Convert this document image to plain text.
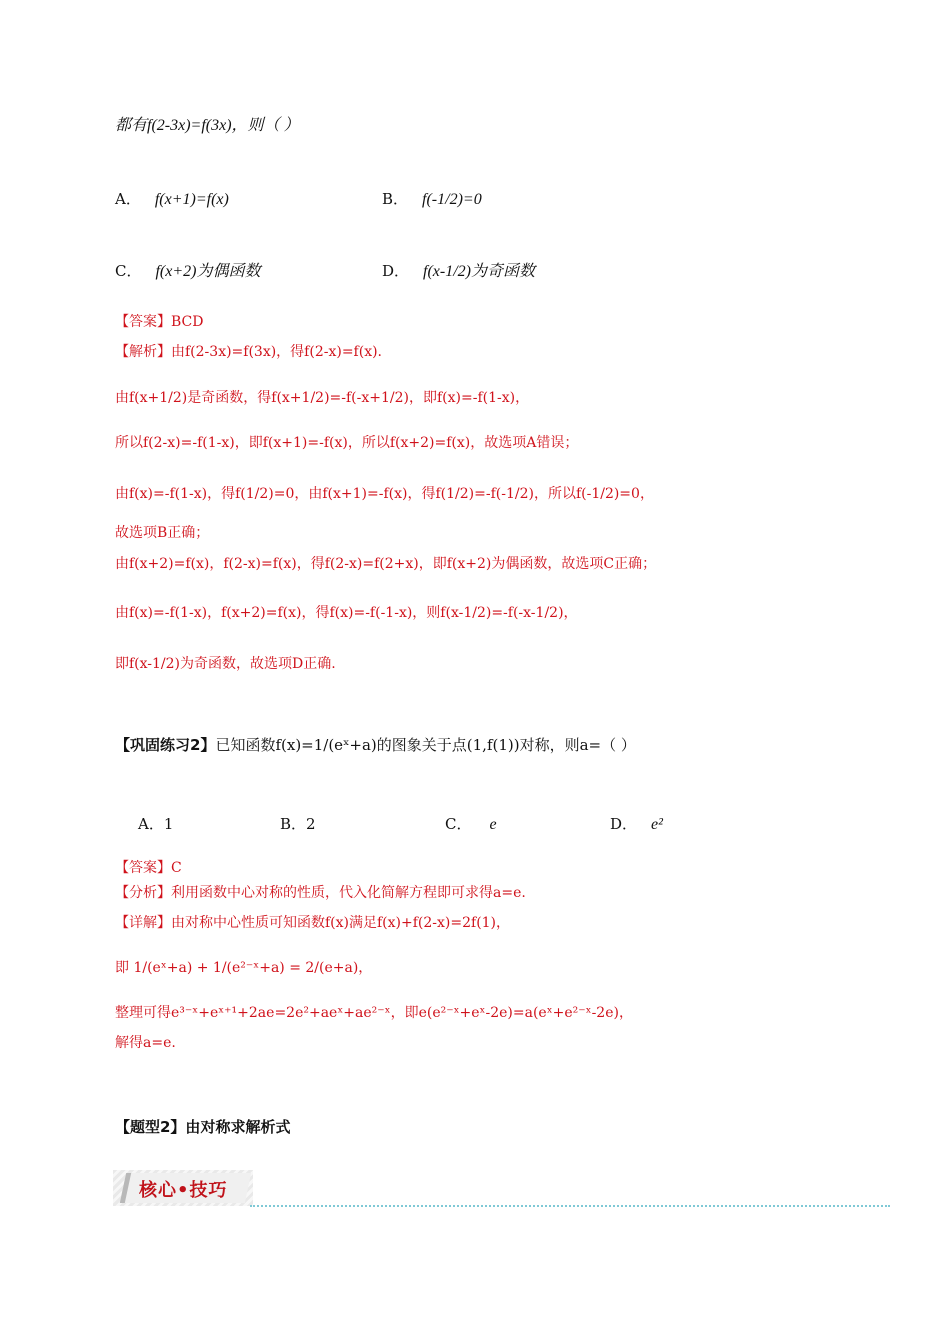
都有f(2-3x)=f(3x)，则（ ）
A． f(x+1)=f(x)	B． f(-1/2)=0
C． f(x+2)为偶函数	D． f(x-1/2)为奇函数
【答案】BCD
【解析】由f(2-3x)=f(3x)，得f(2-x)=f(x).
由f(x+1/2)是奇函数，得f(x+1/2)=-f(-x+1/2)，即f(x)=-f(1-x)，
所以f(2-x)=-f(1-x)，即f(x+1)=-f(x)，所以f(x+2)=f(x)，故选项A错误；
由f(x)=-f(1-x)，得f(1/2)=0，由f(x+1)=-f(x)，得f(1/2)=-f(-1/2)，所以f(-1/2)=0，
故选项B正确；
由f(x+2)=f(x)，f(2-x)=f(x)，得f(2-x)=f(2+x)，即f(x+2)为偶函数，故选项C正确；
由f(x)=-f(1-x)，f(x+2)=f(x)，得f(x)=-f(-1-x)，则f(x-1/2)=-f(-x-1/2)，
即f(x-1/2)为奇函数，故选项D正确.
【巩固练习2】已知函数f(x)=1/(eˣ+a)的图象关于点(1,f(1))对称，则a=（ ）
A．1	B．2	C． e	D． e²
【答案】C
【分析】利用函数中心对称的性质，代入化简解方程即可求得a=e.
【详解】由对称中心性质可知函数f(x)满足f(x)+f(2-x)=2f(1)，
即 1/(eˣ+a) + 1/(e²⁻ˣ+a) = 2/(e+a)，
整理可得e³⁻ˣ+eˣ⁺¹+2ae=2e²+aeˣ+ae²⁻ˣ，即e(e²⁻ˣ+eˣ-2e)=a(eˣ+e²⁻ˣ-2e)，
解得a=e.
【题型2】由对称求解析式
核心•技巧
